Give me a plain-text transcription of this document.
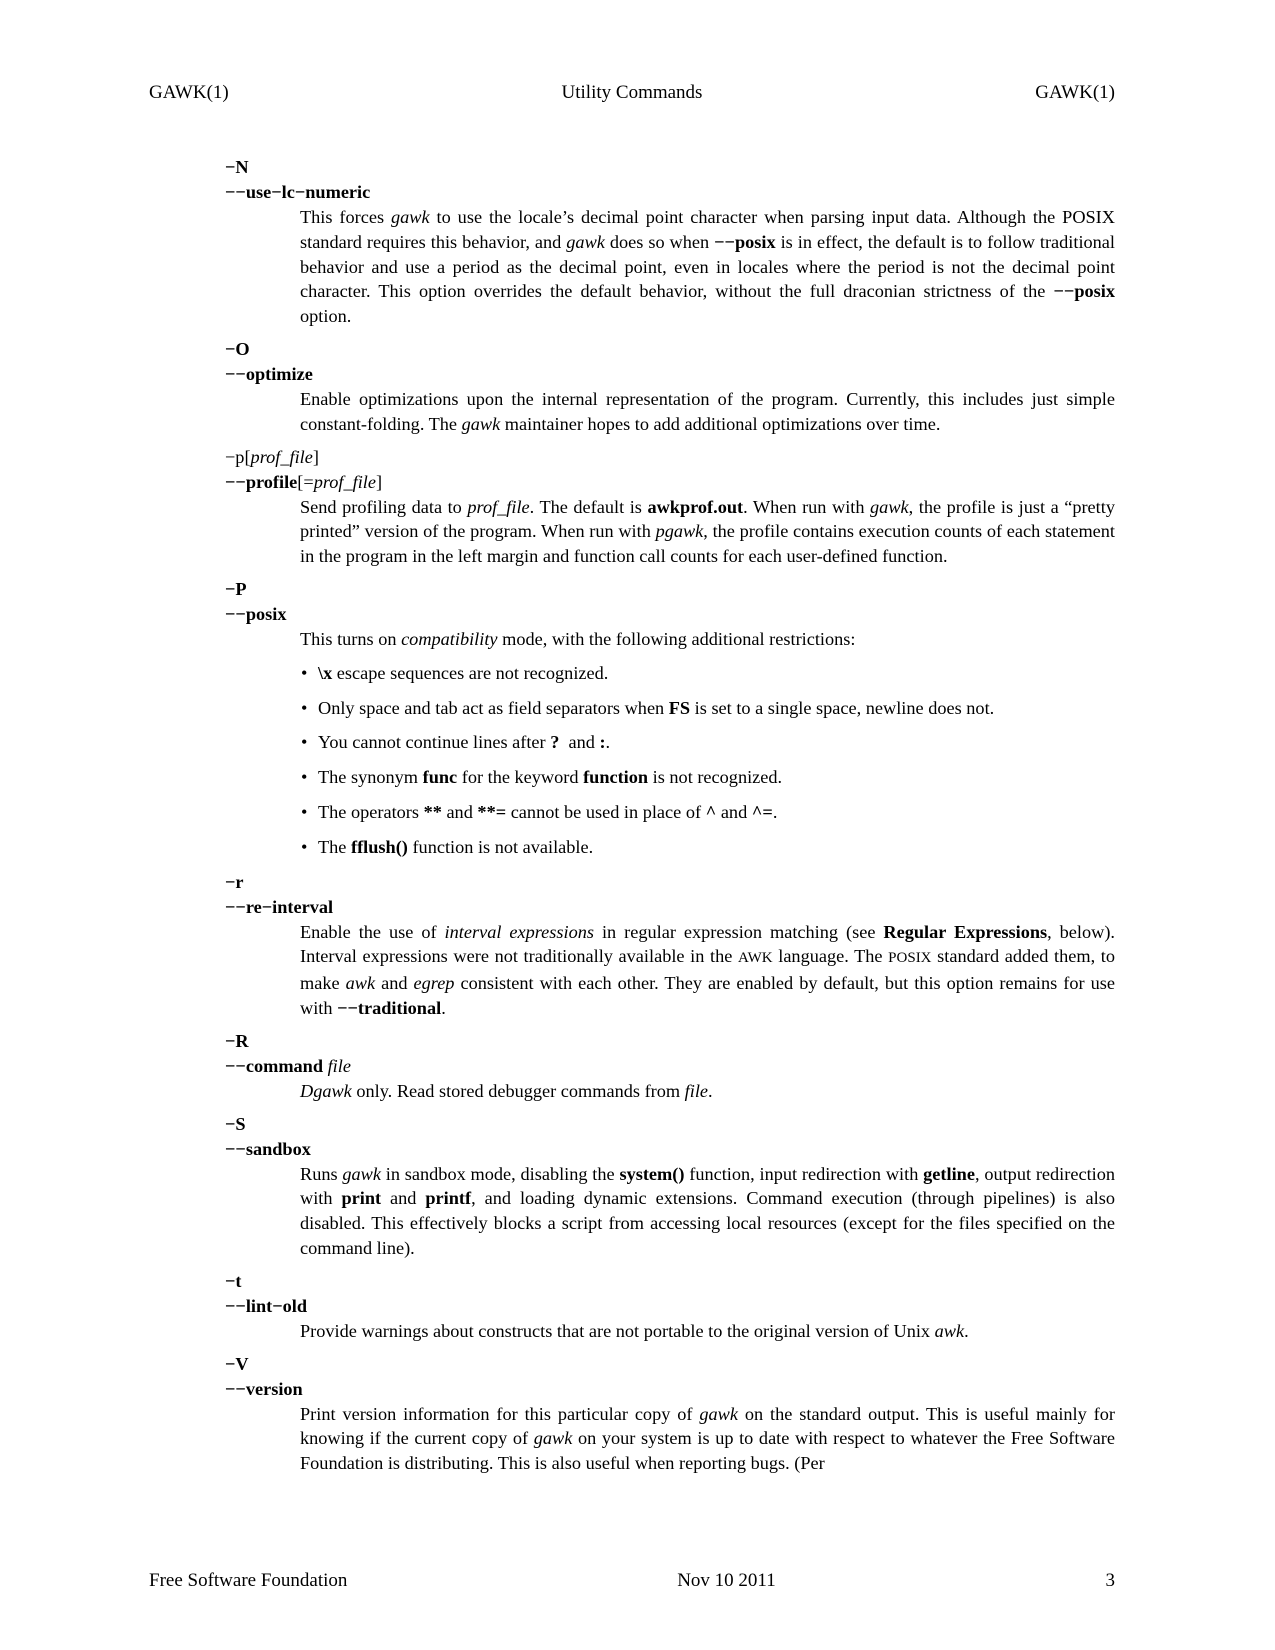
GAWK(1)	Utility Commands	GAWK(1)
−N
−−use−lc−numeric

This forces gawk to use the locale’s decimal point character when parsing input data. Although the POSIX standard requires this behavior, and gawk does so when −−posix is in effect, the default is to follow traditional behavior and use a period as the decimal point, even in locales where the period is not the decimal point character. This option overrides the default behavior, without the full draconian strictness of the −−posix option.

−O
−−optimize

Enable optimizations upon the internal representation of the program. Currently, this includes just simple constant-folding. The gawk maintainer hopes to add additional optimizations over time.

−p[prof_file]
−−profile[=prof_file]

Send profiling data to prof_file. The default is awkprof.out. When run with gawk, the profile is just a “pretty printed” version of the program. When run with pgawk, the profile contains execution counts of each statement in the program in the left margin and function call counts for each user-defined function.

−P
−−posix

This turns on compatibility mode, with the following additional restrictions:

• \x escape sequences are not recognized.
• Only space and tab act as field separators when FS is set to a single space, newline does not.
• You cannot continue lines after ?  and :.
• The synonym func for the keyword function is not recognized.
• The operators ** and **= cannot be used in place of ^ and ^=.
• The fflush() function is not available.
−r
−−re−interval

Enable the use of interval expressions in regular expression matching (see Regular Expressions, below). Interval expressions were not traditionally available in the AWK language. The POSIX standard added them, to make awk and egrep consistent with each other. They are enabled by default, but this option remains for use with −−traditional.

−R
−−command file

Dgawk only. Read stored debugger commands from file.

−S
−−sandbox

Runs gawk in sandbox mode, disabling the system() function, input redirection with getline, output redirection with print and printf, and loading dynamic extensions. Command execution (through pipelines) is also disabled. This effectively blocks a script from accessing local resources (except for the files specified on the command line).

−t
−−lint−old

Provide warnings about constructs that are not portable to the original version of Unix awk.

−V
−−version

Print version information for this particular copy of gawk on the standard output. This is useful mainly for knowing if the current copy of gawk on your system is up to date with respect to whatever the Free Software Foundation is distributing. This is also useful when reporting bugs. (Per

Free Software Foundation	Nov 10 2011	3
